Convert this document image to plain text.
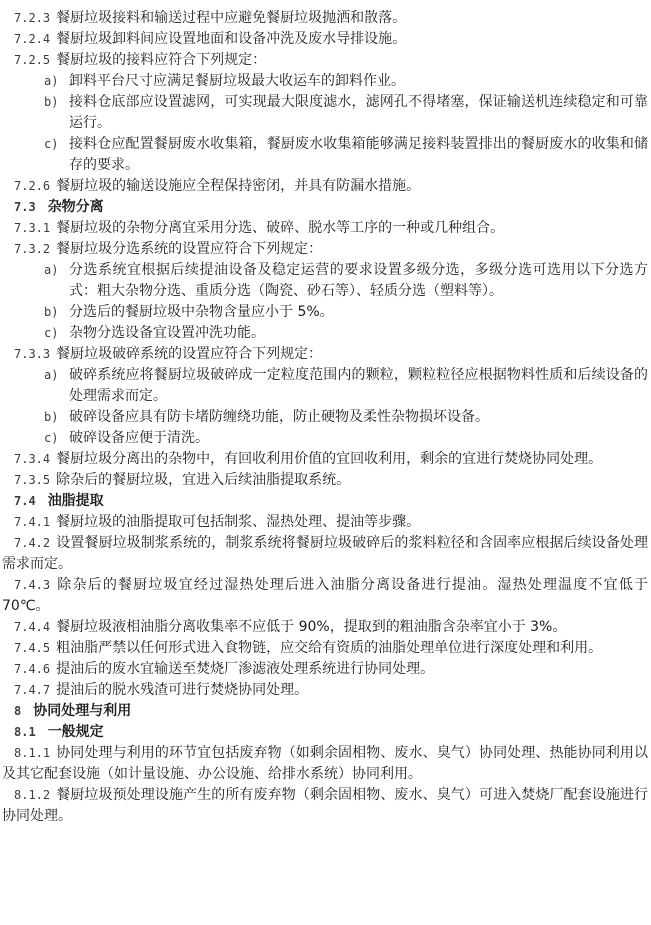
7.2.3 餐厨垃圾接料和输送过程中应避免餐厨垃圾抛洒和散落。

7.2.4 餐厨垃圾卸料间应设置地面和设备冲洗及废水导排设施。

7.2.5 餐厨垃圾的接料应符合下列规定：

a) 卸料平台尺寸应满足餐厨垃圾最大收运车的卸料作业。

b) 接料仓底部应设置滤网，可实现最大限度滤水，滤网孔不得堵塞，保证输送机连续稳定和可靠运行。

c) 接料仓应配置餐厨废水收集箱，餐厨废水收集箱能够满足接料装置排出的餐厨废水的收集和储存的要求。

7.2.6 餐厨垃圾的输送设施应全程保持密闭，并具有防漏水措施。

7.3 杂物分离

7.3.1 餐厨垃圾的杂物分离宜采用分选、破碎、脱水等工序的一种或几种组合。

7.3.2 餐厨垃圾分选系统的设置应符合下列规定：

a) 分选系统宜根据后续提油设备及稳定运营的要求设置多级分选，多级分选可选用以下分选方式：粗大杂物分选、重质分选（陶瓷、砂石等）、轻质分选（塑料等）。

b) 分选后的餐厨垃圾中杂物含量应小于 5%。

c) 杂物分选设备宜设置冲洗功能。

7.3.3 餐厨垃圾破碎系统的设置应符合下列规定：

a) 破碎系统应将餐厨垃圾破碎成一定粒度范围内的颗粒，颗粒粒径应根据物料性质和后续设备的处理需求而定。

b) 破碎设备应具有防卡堵防缠绕功能，防止硬物及柔性杂物损坏设备。

c) 破碎设备应便于清洗。

7.3.4 餐厨垃圾分离出的杂物中，有回收利用价值的宜回收利用，剩余的宜进行焚烧协同处理。

7.3.5 除杂后的餐厨垃圾，宜进入后续油脂提取系统。

7.4 油脂提取

7.4.1 餐厨垃圾的油脂提取可包括制浆、湿热处理、提油等步骤。

7.4.2 设置餐厨垃圾制浆系统的，制浆系统将餐厨垃圾破碎后的浆料粒径和含固率应根据后续设备处理需求而定。

7.4.3 除杂后的餐厨垃圾宜经过湿热处理后进入油脂分离设备进行提油。湿热处理温度不宜低于70℃。

7.4.4 餐厨垃圾液相油脂分离收集率不应低于 90%，提取到的粗油脂含杂率宜小于 3%。

7.4.5 粗油脂严禁以任何形式进入食物链，应交给有资质的油脂处理单位进行深度处理和利用。

7.4.6 提油后的废水宜输送至焚烧厂渗滤液处理系统进行协同处理。

7.4.7 提油后的脱水残渣可进行焚烧协同处理。

8 协同处理与利用

8.1 一般规定

8.1.1 协同处理与利用的环节宜包括废弃物（如剩余固相物、废水、臭气）协同处理、热能协同利用以及其它配套设施（如计量设施、办公设施、给排水系统）协同利用。

8.1.2 餐厨垃圾预处理设施产生的所有废弃物（剩余固相物、废水、臭气）可进入焚烧厂配套设施进行协同处理。
